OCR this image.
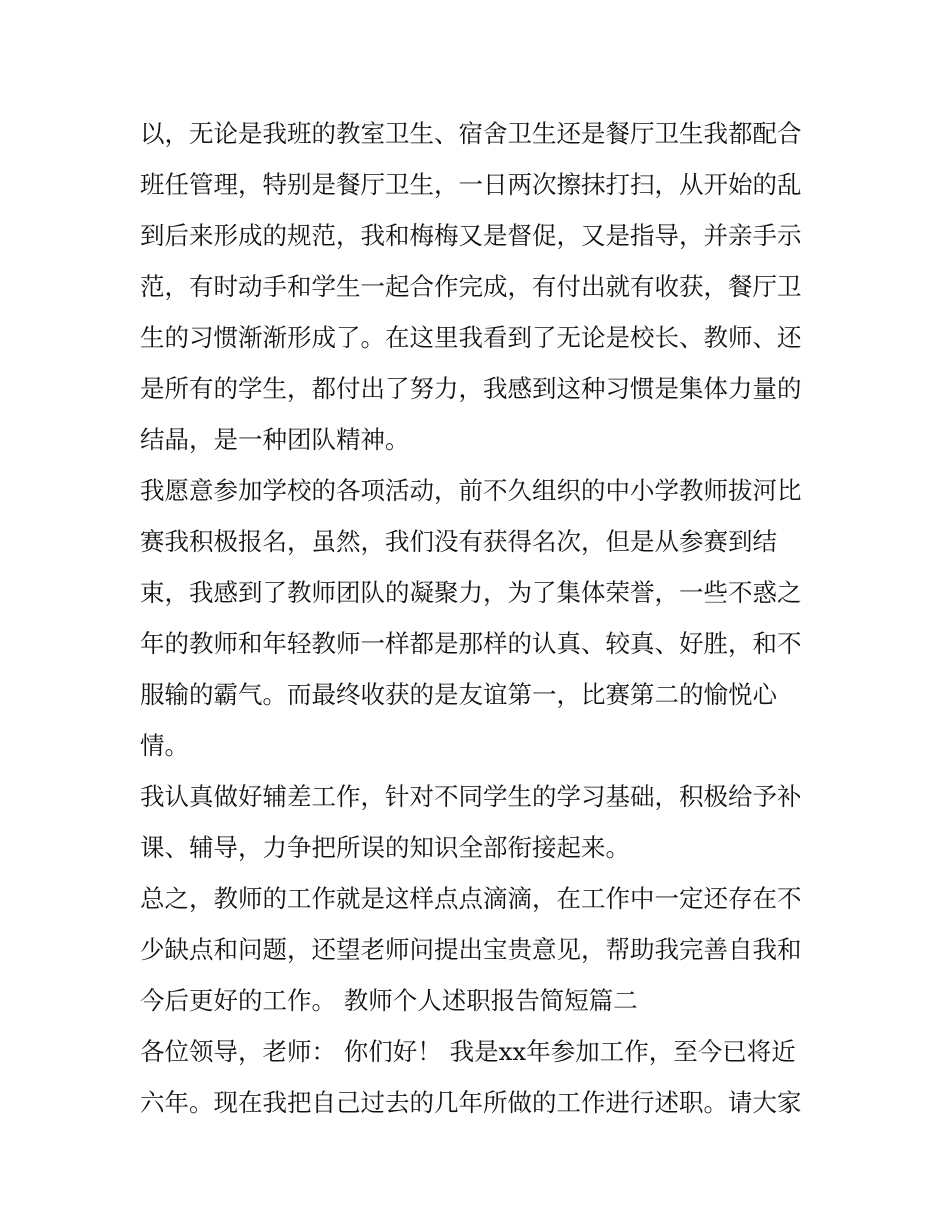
以，无论是我班的教室卫生、宿舍卫生还是餐厅卫生我都配合
班任管理，特别是餐厅卫生，一日两次擦抹打扫，从开始的乱
到后来形成的规范，我和梅梅又是督促，又是指导，并亲手示
范，有时动手和学生一起合作完成，有付出就有收获，餐厅卫
生的习惯渐渐形成了。在这里我看到了无论是校长、教师、还
是所有的学生，都付出了努力，我感到这种习惯是集体力量的
结晶，是一种团队精神。
我愿意参加学校的各项活动，前不久组织的中小学教师拔河比
赛我积极报名，虽然，我们没有获得名次，但是从参赛到结
束，我感到了教师团队的凝聚力，为了集体荣誉，一些不惑之
年的教师和年轻教师一样都是那样的认真、较真、好胜，和不
服输的霸气。而最终收获的是友谊第一，比赛第二的愉悦心
情。
我认真做好辅差工作，针对不同学生的学习基础，积极给予补
课、辅导，力争把所误的知识全部衔接起来。
总之，教师的工作就是这样点点滴滴，在工作中一定还存在不
少缺点和问题，还望老师问提出宝贵意见，帮助我完善自我和
今后更好的工作。 教师个人述职报告简短篇二
各位领导，老师： 你们好！ 我是xx年参加工作，至今已将近
六年。现在我把自己过去的几年所做的工作进行述职。请大家
